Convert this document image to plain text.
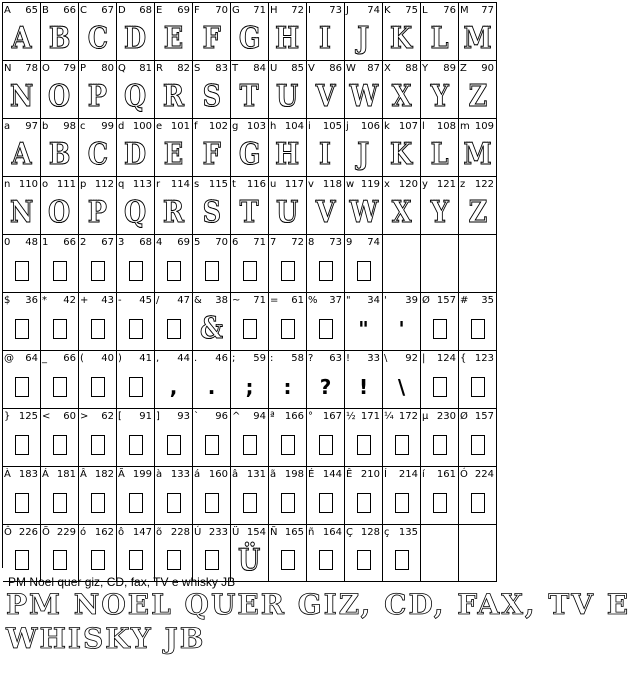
A 65
A
B 66
B
C 67
C
D 68
D
E 69
E
F 70
F
G 71
G
H 72
H
I 73
I
J 74
J
K 75
K
L 76
L
M 77
M
N 78
N
O 79
O
P 80
P
Q 81
Q
R 82
R
S 83
S
T 84
T
U 85
U
V 86
V
W 87
W
X 88
X
Y 89
Y
Z 90
Z
a 97
A
b 98
B
c 99
C
d 100
D
e 101
E
f 102
F
g 103
G
h 104
H
i 105
I
j 106
J
k 107
K
l 108
L
m 109
M
n 110
N
o 111
O
p 112
P
q 113
Q
r 114
R
s 115
S
t 116
T
u 117
U
v 118
V
w 119
W
x 120
X
y 121
Y
z 122
Z
0 48 1 66 2 67 3 68 4 69 5 70 6 71 7 72 8 73 9 74
$ 36 * 42 + 43 - 45 / 47 & 38
&
~ 71 = 61 % 37 " 34
"
' 39
'
Ø 157 # 35
@ 64 _ 66 ( 40 ) 41 , 44
,
. 46
.
; 59
;
: 58
:
? 63
?
! 33
!
\ 92
\
| 124 { 123
} 125 < 60 > 62 [ 91 ] 93 ` 96 ^ 94 ª 166 ° 167 ½ 171 ¼ 172 µ 230 Ø 157
À 183 Á 181 Â 182 Ã 199 à 133 á 160 â 131 ã 198 É 144 Ê 210 Í 214 í 161 Ó 224
Ô 226 Õ 229 ó 162 ô 147 õ 228 Ú 233 Ü 154
Ü
Ñ 165 ñ 164 Ç 128 ç 135
PM Noel quer giz, CD, fax, TV e whisky JB
PM NOEL QUER GIZ, CD, FAX, TV E
WHISKY JB
